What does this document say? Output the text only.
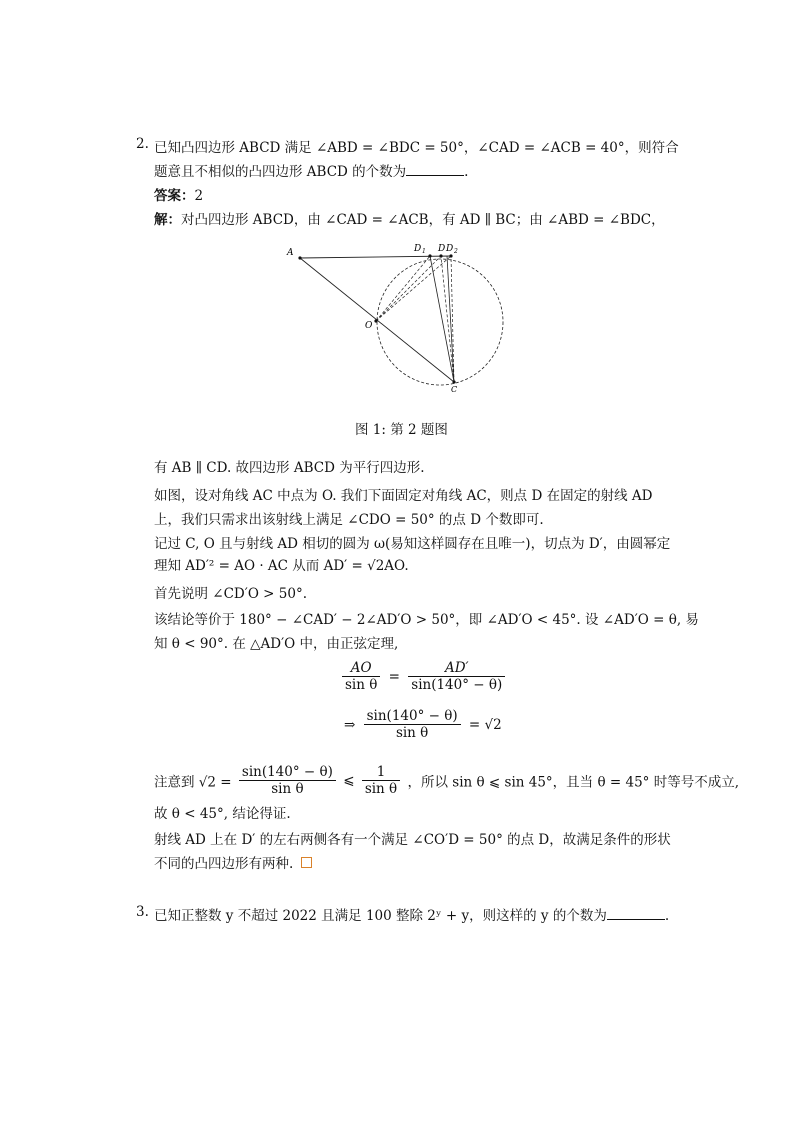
2. 已知凸四边形 ABCD 满足 ∠ABD = ∠BDC = 50°，∠CAD = ∠ACB = 40°，则符合
题意且不相似的凸四边形 ABCD 的个数为	.
答案：2
解：对凸四边形 ABCD，由 ∠CAD = ∠ACB，有 AD ∥ BC；由 ∠ABD = ∠BDC，
A	D 1 D D 2
O
C
图 1: 第 2 题图
有 AB ∥ CD. 故四边形 ABCD 为平行四边形.
如图，设对角线 AC 中点为 O. 我们下面固定对角线 AC，则点 D 在固定的射线 AD
上，我们只需求出该射线上满足 ∠CDO = 50° 的点 D 个数即可.
记过 C, O 且与射线 AD 相切的圆为 ω(易知这样圆存在且唯一)，切点为 D′，由圆幂定
理知 AD′² = AO · AC 从而 AD′ = √2AO.
首先说明 ∠CD′O > 50°.
该结论等价于 180° − ∠CAD′ − 2∠AD′O > 50°，即 ∠AD′O < 45°. 设 ∠AD′O = θ, 易
知 θ < 90°. 在 △AD′O 中，由正弦定理,
$\frac{AO}{\text{sin θ}} = \frac{AD'}{\sin(140^\circ - \theta)}$
⇒ $\frac{\sin(140^\circ - \theta)}{\text{sin θ}} = √2$
注意到 $√2 = \frac{\sin(140^\circ - \theta)}{\text{sin θ}}$ ⩽ $\frac{1}{\text{sin θ}}$ ，所以 sin θ ⩽ sin 45°，且当 θ = 45° 时等号不成立,
故 θ < 45°, 结论得证.
射线 AD 上在 D′ 的左右两侧各有一个满足 ∠CO′D = 50° 的点 D，故满足条件的形状
不同的凸四边形有两种.
3. 已知正整数 y 不超过 2022 且满足 100 整除 2ʸ + y，则这样的 y 的个数为	.
